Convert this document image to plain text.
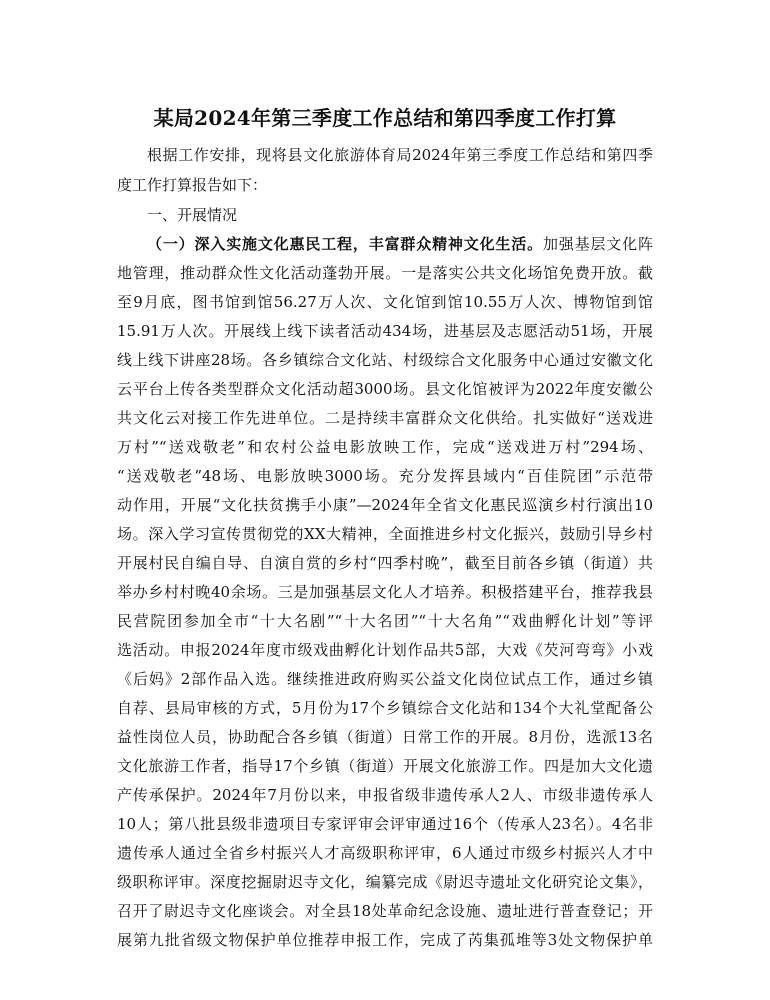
某局2024年第三季度工作总结和第四季度工作打算
根据工作安排，现将县文化旅游体育局2024年第三季度工作总结和第四季
度工作打算报告如下：
一、开展情况
（一）深入实施文化惠民工程，丰富群众精神文化生活。加强基层文化阵
地管理，推动群众性文化活动蓬勃开展。一是落实公共文化场馆免费开放。截
至9月底，图书馆到馆56.27万人次、文化馆到馆10.55万人次、博物馆到馆
15.91万人次。开展线上线下读者活动434场，进基层及志愿活动51场，开展
线上线下讲座28场。各乡镇综合文化站、村级综合文化服务中心通过安徽文化
云平台上传各类型群众文化活动超3000场。县文化馆被评为2022年度安徽公
共文化云对接工作先进单位。二是持续丰富群众文化供给。扎实做好“送戏进
万村”“送戏敬老”和农村公益电影放映工作，完成“送戏进万村”294场、
“送戏敬老”48场、电影放映3000场。充分发挥县域内“百佳院团”示范带
动作用，开展“文化扶贫携手小康”—2024年全省文化惠民巡演乡村行演出10
场。深入学习宣传贯彻党的XX大精神，全面推进乡村文化振兴，鼓励引导乡村
开展村民自编自导、自演自赏的乡村“四季村晚”，截至目前各乡镇（街道）共
举办乡村村晚40余场。三是加强基层文化人才培养。积极搭建平台，推荐我县
民营院团参加全市“十大名剧”“十大名团”“十大名角”“戏曲孵化计划”等评
选活动。申报2024年度市级戏曲孵化计划作品共5部，大戏《芡河弯弯》小戏
《后妈》2部作品入选。继续推进政府购买公益文化岗位试点工作，通过乡镇
自荐、县局审核的方式，5月份为17个乡镇综合文化站和134个大礼堂配备公
益性岗位人员，协助配合各乡镇（街道）日常工作的开展。8月份，选派13名
文化旅游工作者，指导17个乡镇（街道）开展文化旅游工作。四是加大文化遗
产传承保护。2024年7月份以来，申报省级非遗传承人2人、市级非遗传承人
10人；第八批县级非遗项目专家评审会评审通过16个（传承人23名）。4名非
遗传承人通过全省乡村振兴人才高级职称评审，6人通过市级乡村振兴人才中
级职称评审。深度挖掘尉迟寺文化，编纂完成《尉迟寺遗址文化研究论文集》，
召开了尉迟寺文化座谈会。对全县18处革命纪念设施、遗址进行普查登记；开
展第九批省级文物保护单位推荐申报工作，完成了芮集孤堆等3处文物保护单
